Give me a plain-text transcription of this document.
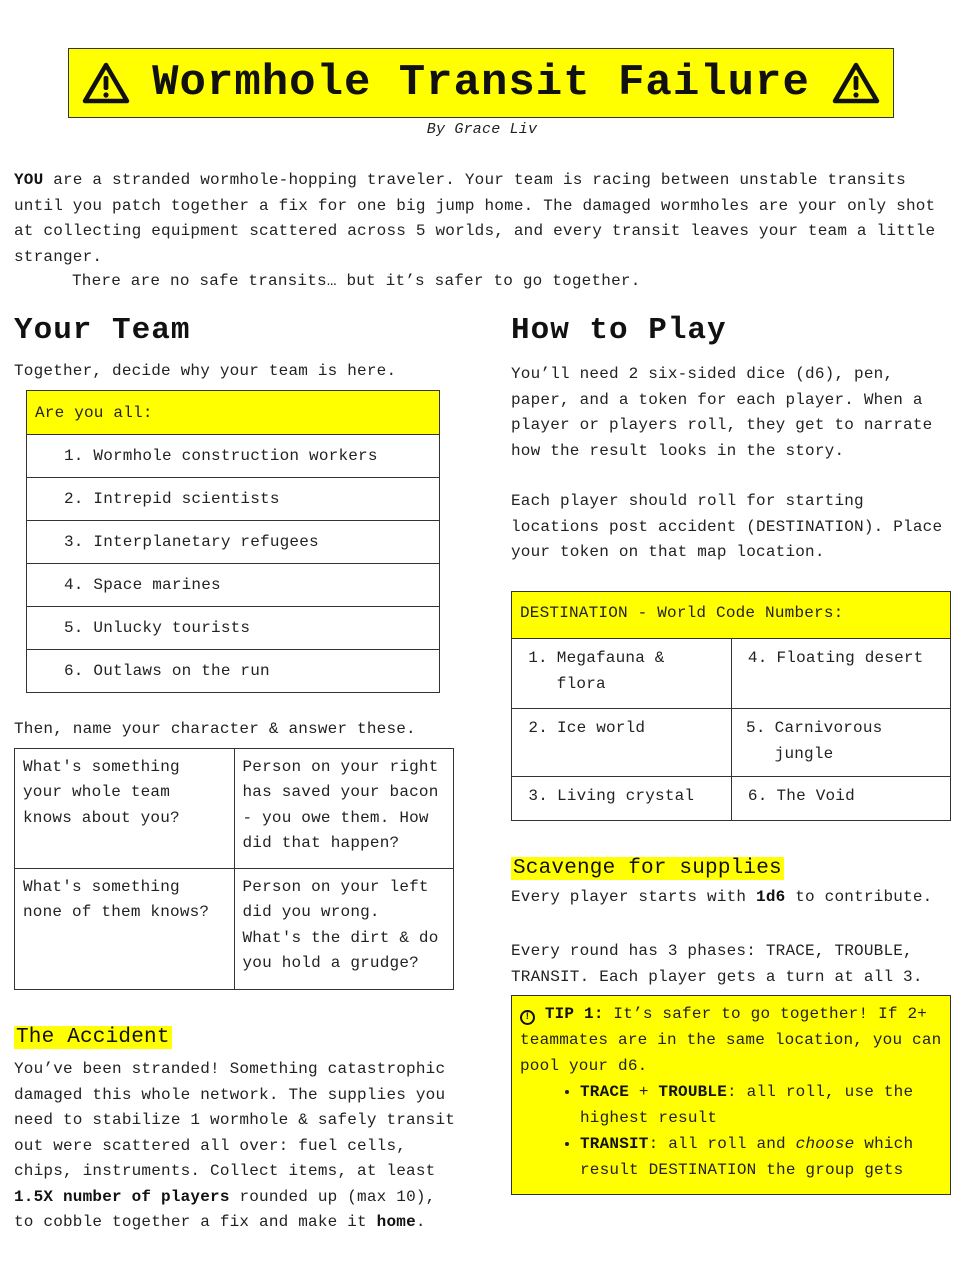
Wormhole Transit Failure
By Grace Liv
YOU are a stranded wormhole-hopping traveler. Your team is racing between unstable transits until you patch together a fix for one big jump home. The damaged wormholes are your only shot at collecting equipment scattered across 5 worlds, and every transit leaves your team a little stranger.
There are no safe transits… but it’s safer to go together.
Your Team
Together, decide why your team is here.
Are you all:
1. Wormhole construction workers
2. Intrepid scientists
3. Interplanetary refugees
4. Space marines
5. Unlucky tourists
6. Outlaws on the run
Then, name your character & answer these.
What's something your whole team knows about you?	Person on your right has saved your bacon - you owe them. How did that happen?
What's something none of them knows?	Person on your left did you wrong. What's the dirt & do you hold a grudge?
The Accident
You’ve been stranded! Something catastrophic damaged this whole network. The supplies you need to stabilize 1 wormhole & safely transit out were scattered all over: fuel cells, chips, instruments. Collect items, at least 1.5X number of players rounded up (max 10), to cobble together a fix and make it home.
How to Play
You’ll need 2 six-sided dice (d6), pen, paper, and a token for each player. When a player or players roll, they get to narrate how the result looks in the story.
Each player should roll for starting locations post accident (DESTINATION). Place your token on that map location.
DESTINATION - World Code Numbers:	

1. Megafauna & flora	4. Floating desert

2. Ice world	5. Carnivorous jungle

3. Living crystal	6. The Void
Scavenge for supplies
Every player starts with 1d6 to contribute.
Every round has 3 phases: TRACE, TROUBLE, TRANSIT. Each player gets a turn at all 3.
! TIP 1: It’s safer to go together! If 2+ teammates are in the same location, you can pool your d6.
• TRACE + TROUBLE: all roll, use the highest result
• TRANSIT: all roll and choose which result DESTINATION the group gets
